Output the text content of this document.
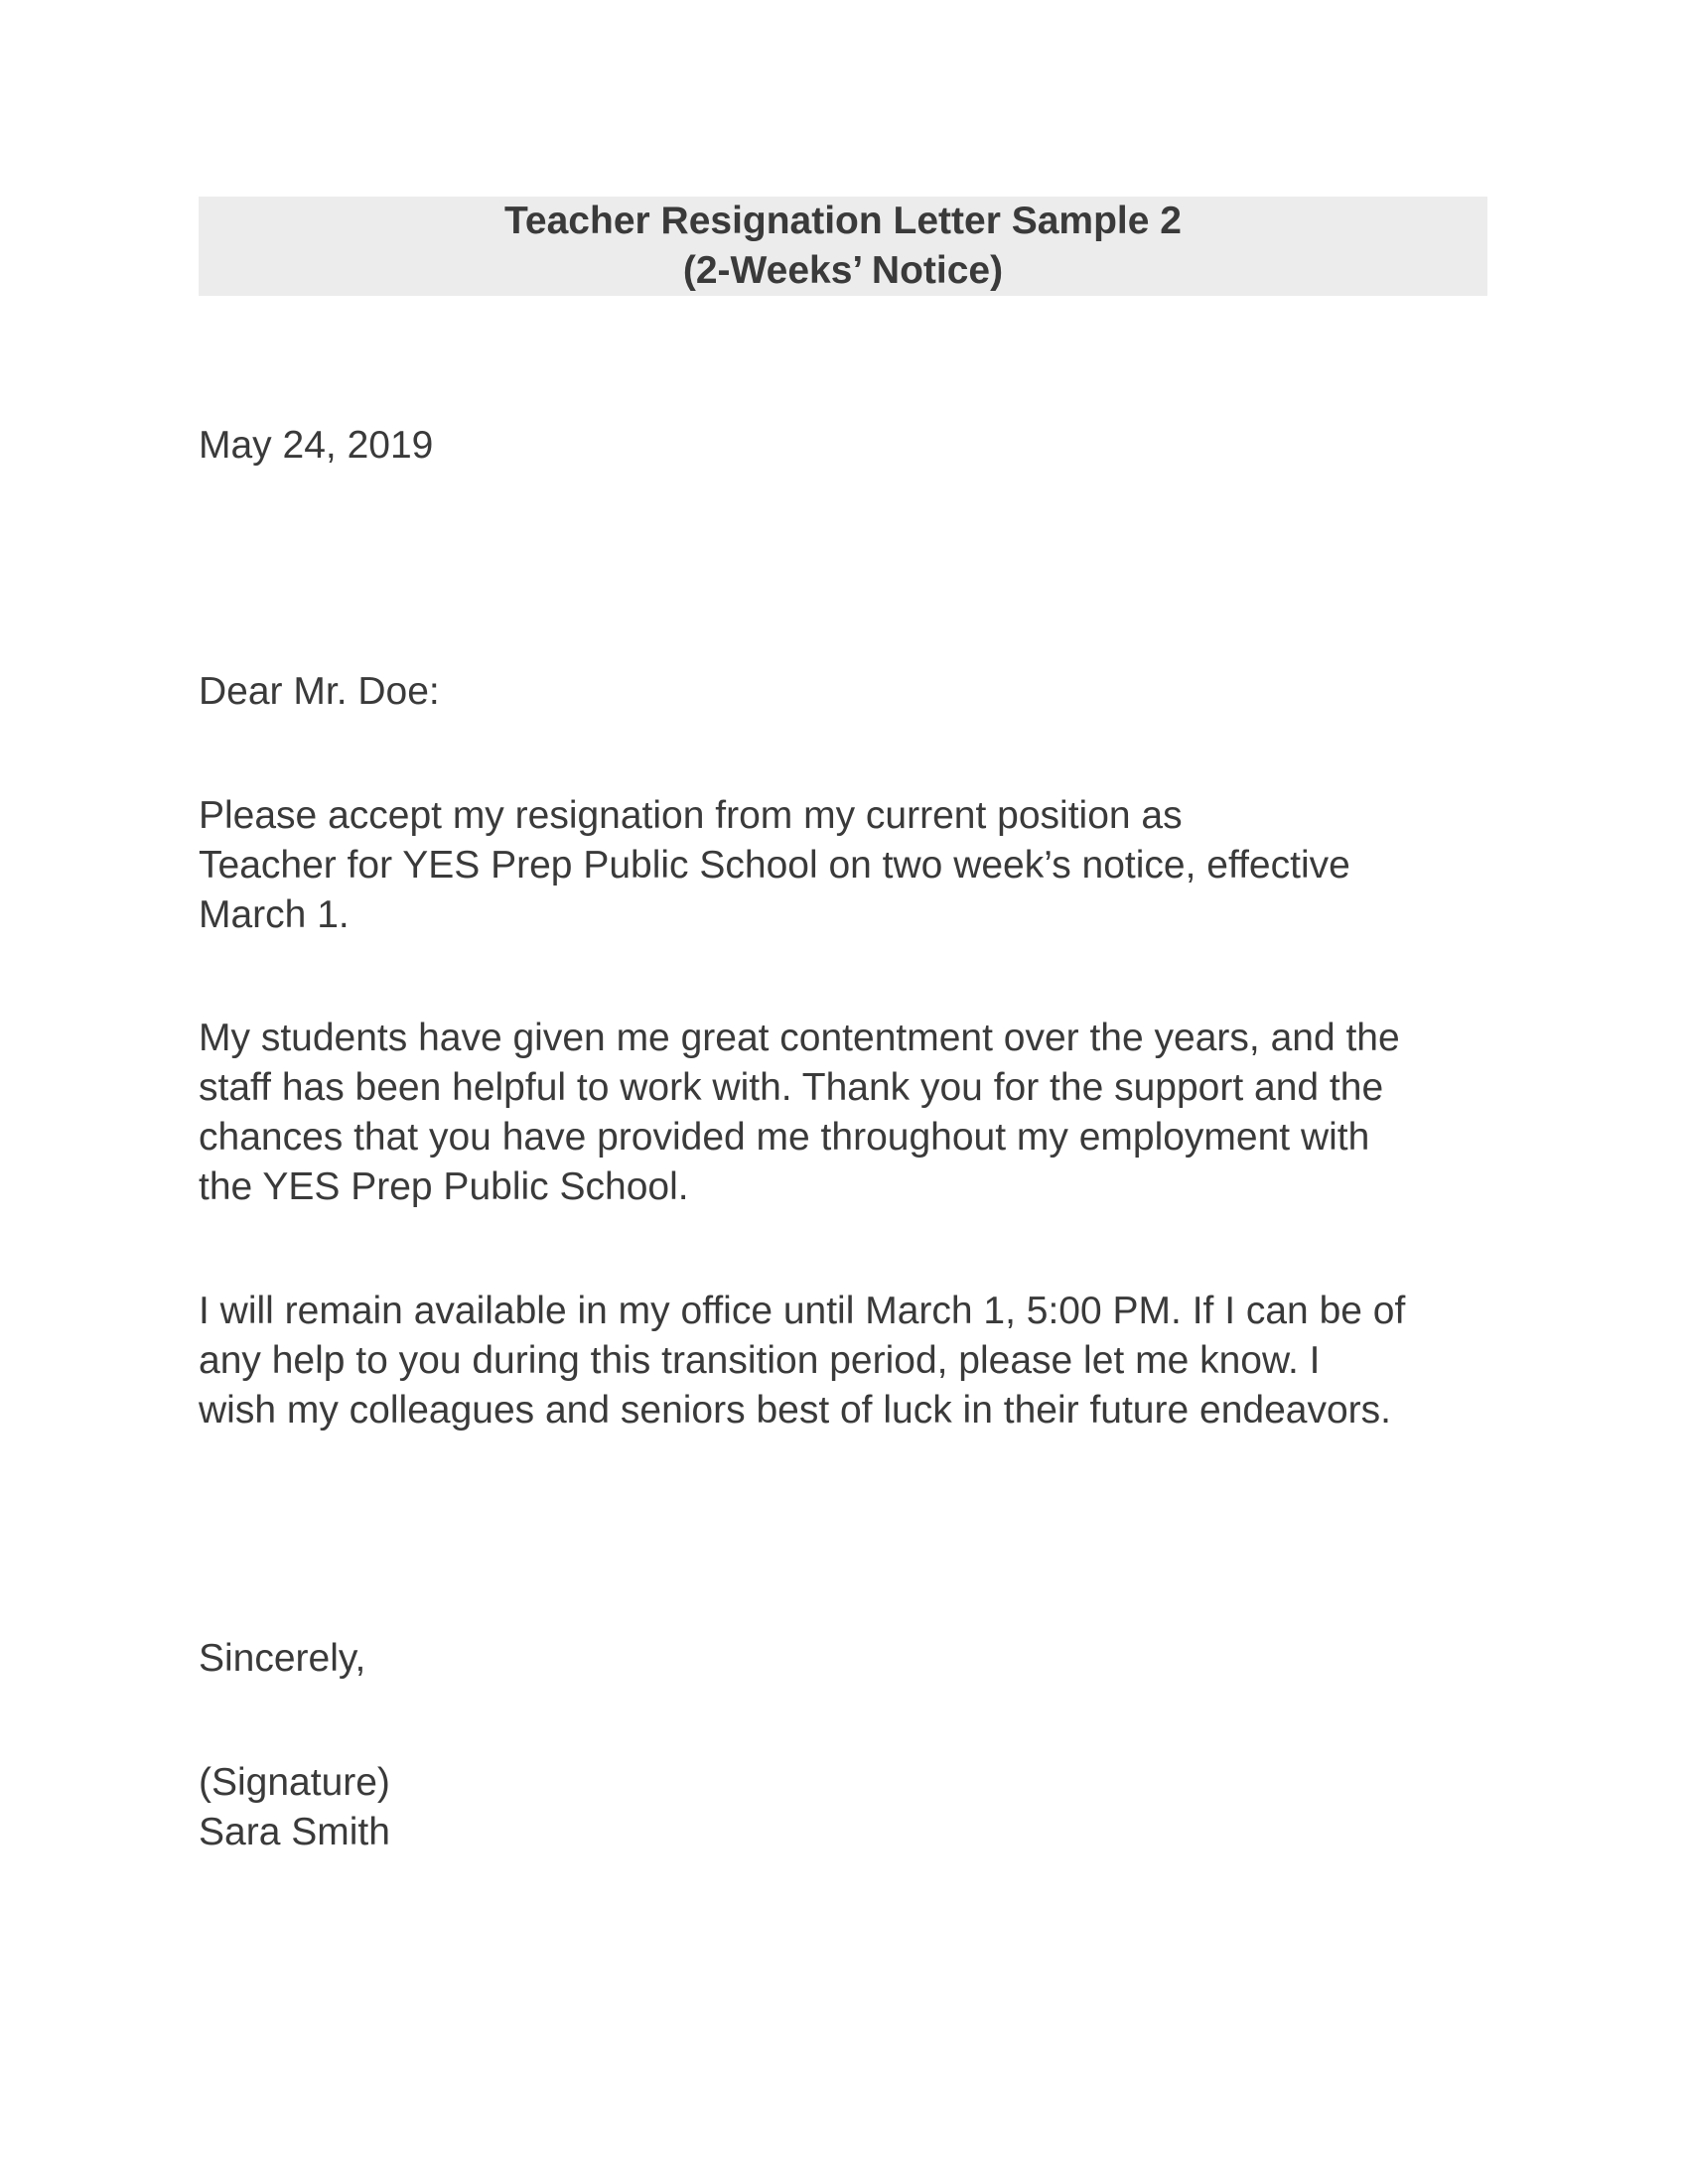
Teacher Resignation Letter Sample 2
(2-Weeks’ Notice)
May 24, 2019
Dear Mr. Doe:
Please accept my resignation from my current position as
Teacher for YES Prep Public School on two week’s notice, effective
March 1.
My students have given me great contentment over the years, and the
staff has been helpful to work with. Thank you for the support and the
chances that you have provided me throughout my employment with
the YES Prep Public School.
I will remain available in my office until March 1, 5:00 PM. If I can be of
any help to you during this transition period, please let me know. I
wish my colleagues and seniors best of luck in their future endeavors.
Sincerely,
(Signature)
Sara Smith
